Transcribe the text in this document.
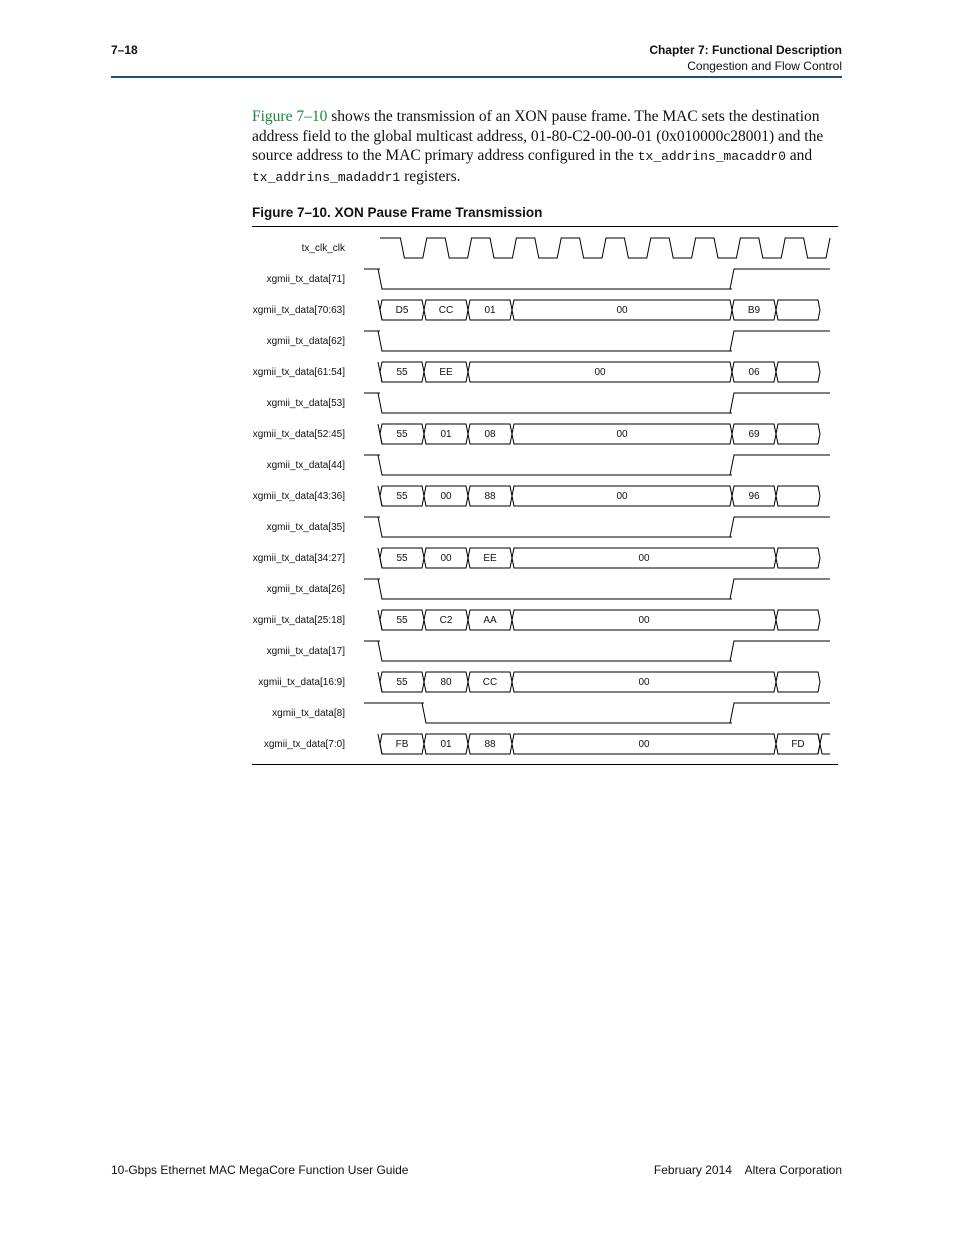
7–18	Chapter 7: Functional Description
Congestion and Flow Control
Figure 7–10 shows the transmission of an XON pause frame. The MAC sets the destination address field to the global multicast address, 01-80-C2-00-00-01 (0x010000c28001) and the source address to the MAC primary address configured in the tx_addrins_macaddr0 and tx_addrins_madaddr1 registers.
Figure 7–10. XON Pause Frame Transmission
tx_clk_clk
xgmii_tx_data[71]
xgmii_tx_data[70:63]	D5	CC	01	00	B9
xgmii_tx_data[62]
xgmii_tx_data[61:54]	55	EE	00	06
xgmii_tx_data[53]
xgmii_tx_data[52:45]	55	01	08	00	69
xgmii_tx_data[44]
xgmii_tx_data[43:36]	55	00	88	00	96
xgmii_tx_data[35]
xgmii_tx_data[34:27]	55	00	EE	00
xgmii_tx_data[26]
xgmii_tx_data[25:18]	55	C2	AA	00
xgmii_tx_data[17]
xgmii_tx_data[16:9]	55	80	CC	00
xgmii_tx_data[8]
xgmii_tx_data[7:0]	FB	01	88	00	FD
10-Gbps Ethernet MAC MegaCore Function User Guide	February 2014    Altera Corporation
